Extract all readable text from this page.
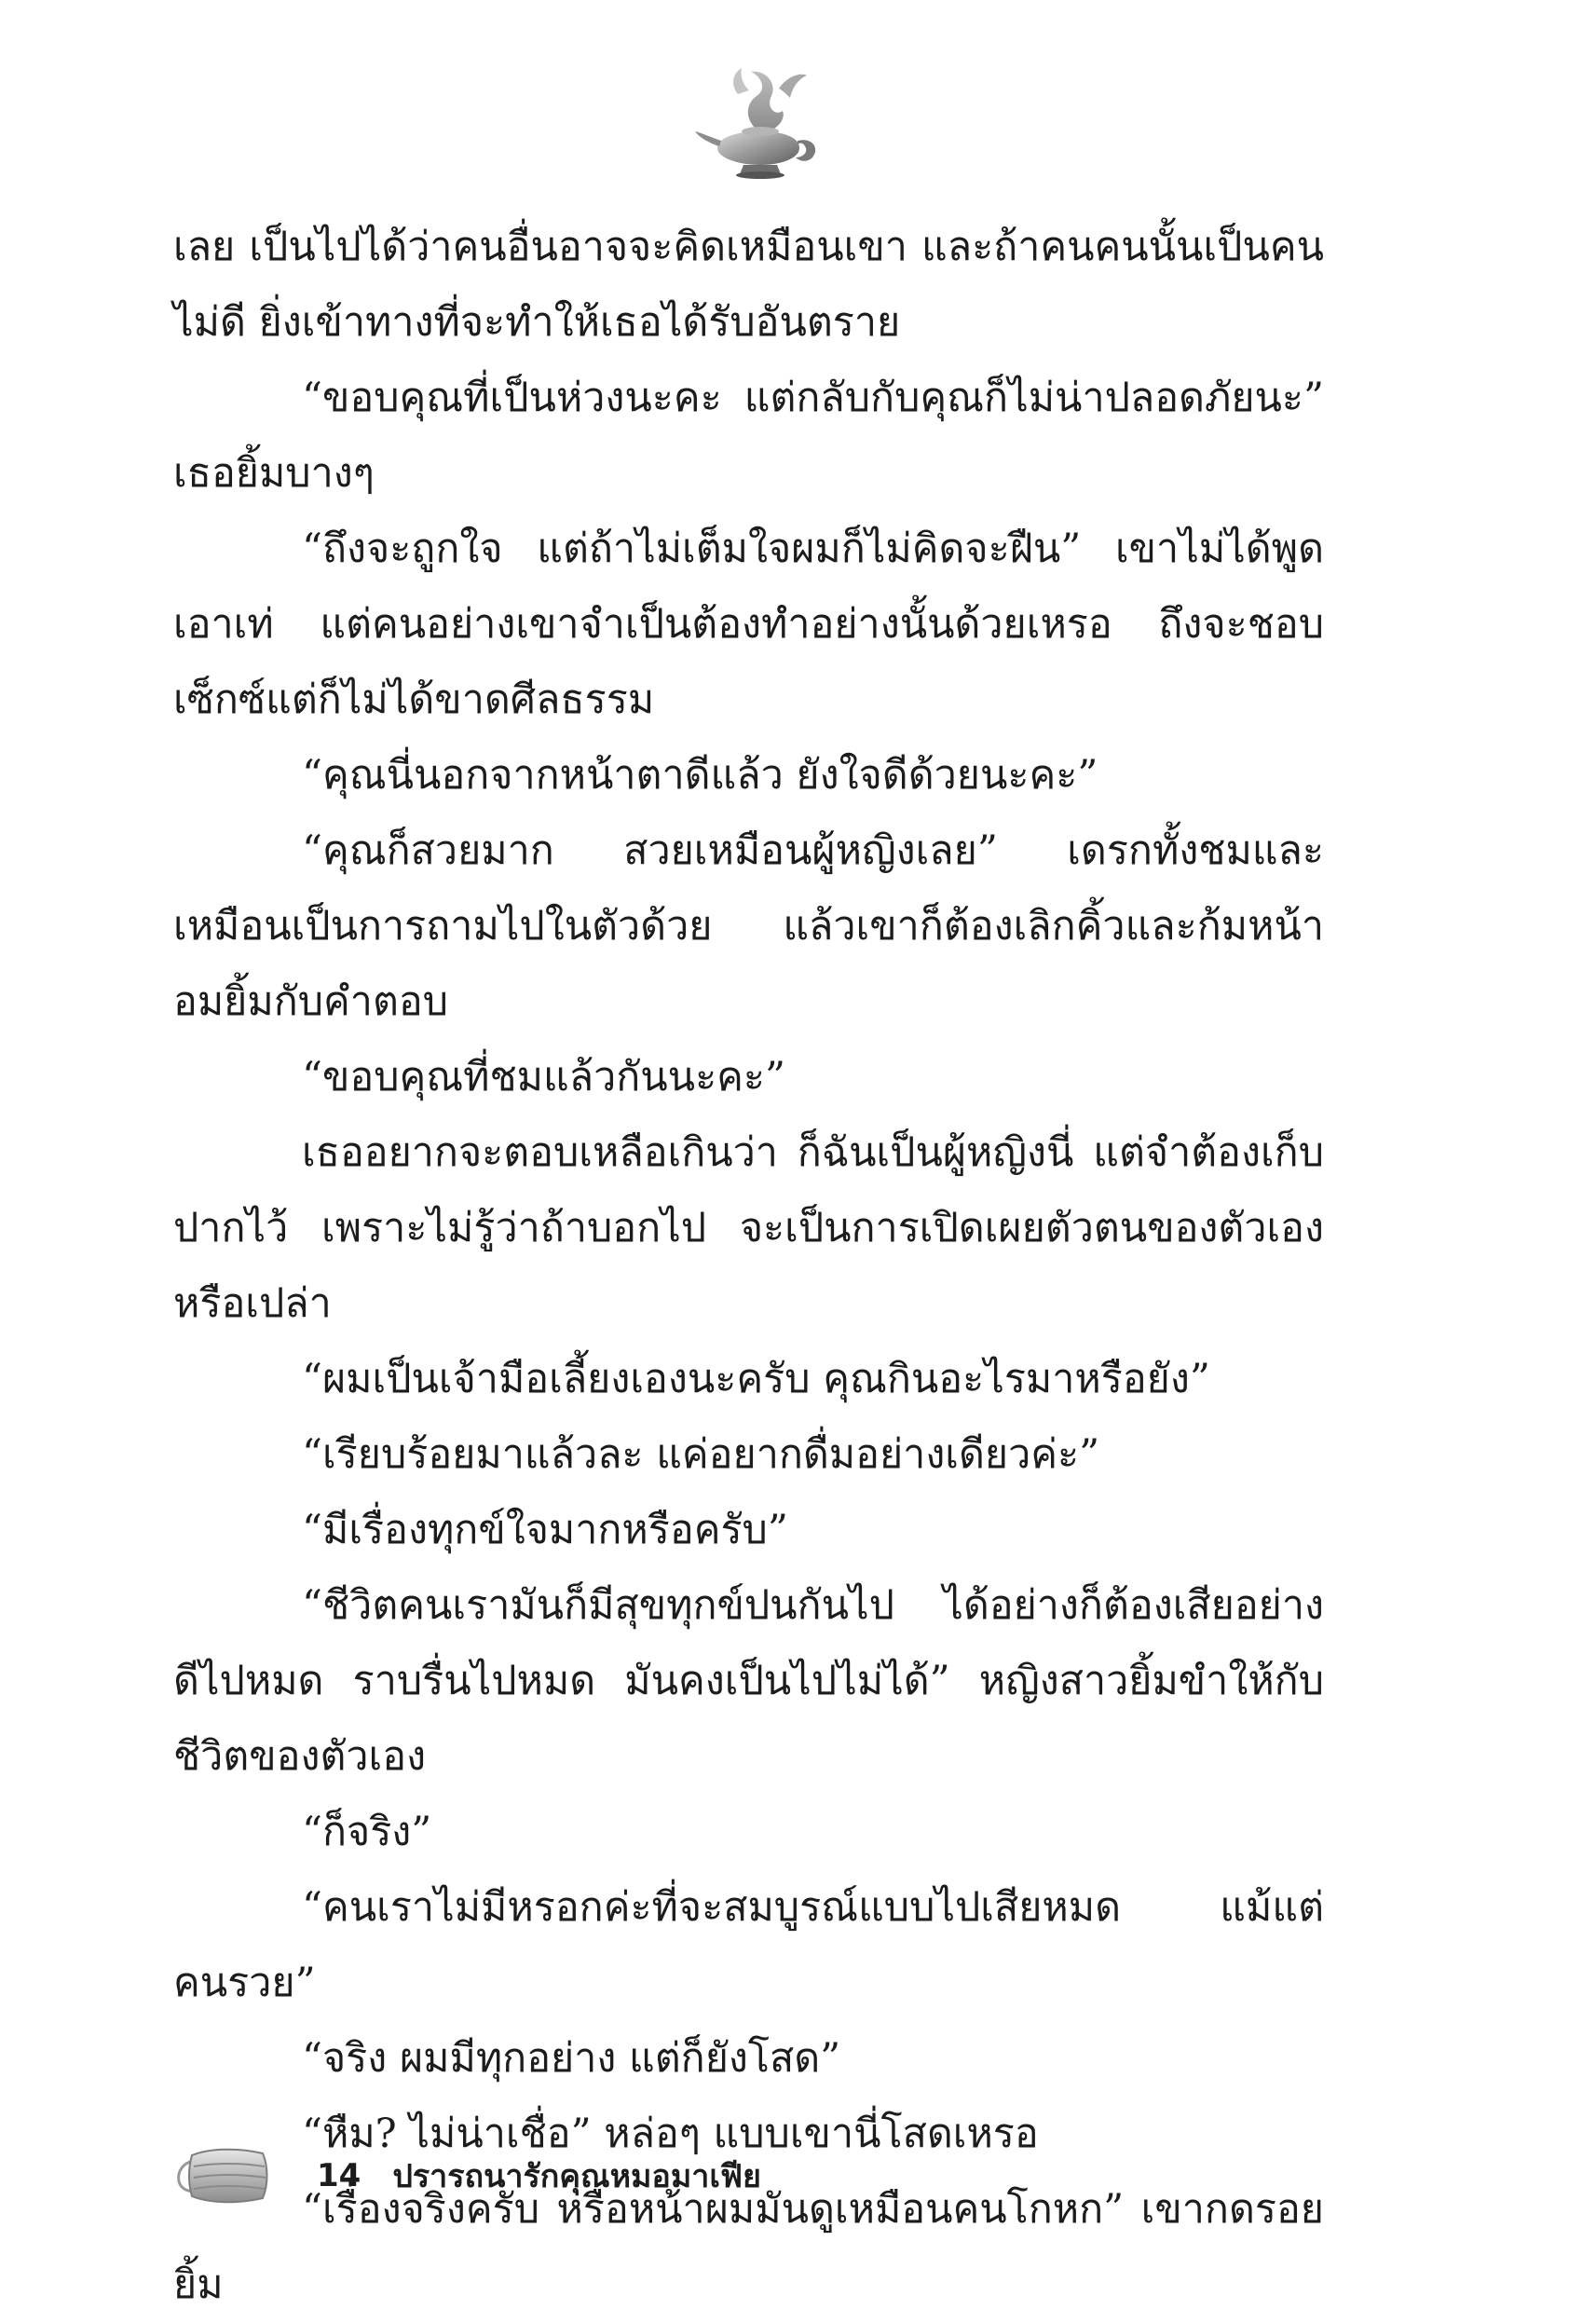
เลย เป็นไปได้ว่าคนอื่นอาจจะคิดเหมือนเขา และถ้าคนคนนั้นเป็นคนไม่ดี ยิ่งเข้าทางที่จะทำให้เธอได้รับอันตราย

“ขอบคุณที่เป็นห่วงนะคะ แต่กลับกับคุณก็ไม่น่าปลอดภัยนะ” เธอยิ้มบางๆ

“ถึงจะถูกใจ แต่ถ้าไม่เต็มใจผมก็ไม่คิดจะฝืน” เขาไม่ได้พูดเอาเท่ แต่คนอย่างเขาจำเป็นต้องทำอย่างนั้นด้วยเหรอ ถึงจะชอบเซ็กซ์แต่ก็ไม่ได้ขาดศีลธรรม

“คุณนี่นอกจากหน้าตาดีแล้ว ยังใจดีด้วยนะคะ”

“คุณก็สวยมาก สวยเหมือนผู้หญิงเลย” เดรกทั้งชมและเหมือนเป็นการถามไปในตัวด้วย แล้วเขาก็ต้องเลิกคิ้วและก้มหน้าอมยิ้มกับคำตอบ

“ขอบคุณที่ชมแล้วกันนะคะ”

เธออยากจะตอบเหลือเกินว่า ก็ฉันเป็นผู้หญิงนี่ แต่จำต้องเก็บปากไว้ เพราะไม่รู้ว่าถ้าบอกไป จะเป็นการเปิดเผยตัวตนของตัวเองหรือเปล่า

“ผมเป็นเจ้ามือเลี้ยงเองนะครับ คุณกินอะไรมาหรือยัง”

“เรียบร้อยมาแล้วละ แค่อยากดื่มอย่างเดียวค่ะ”

“มีเรื่องทุกข์ใจมากหรือครับ”

“ชีวิตคนเรามันก็มีสุขทุกข์ปนกันไป ได้อย่างก็ต้องเสียอย่าง ดีไปหมด ราบรื่นไปหมด มันคงเป็นไปไม่ได้” หญิงสาวยิ้มขำให้กับชีวิตของตัวเอง

“ก็จริง”

“คนเราไม่มีหรอกค่ะที่จะสมบูรณ์แบบไปเสียหมด แม้แต่คนรวย”

“จริง ผมมีทุกอย่าง แต่ก็ยังโสด”

“หืม? ไม่น่าเชื่อ” หล่อๆ แบบเขานี่โสดเหรอ

“เรื่องจริงครับ หรือหน้าผมมันดูเหมือนคนโกหก” เขากดรอยยิ้ม

14 ปรารถนารักคุณหมอมาเฟีย
